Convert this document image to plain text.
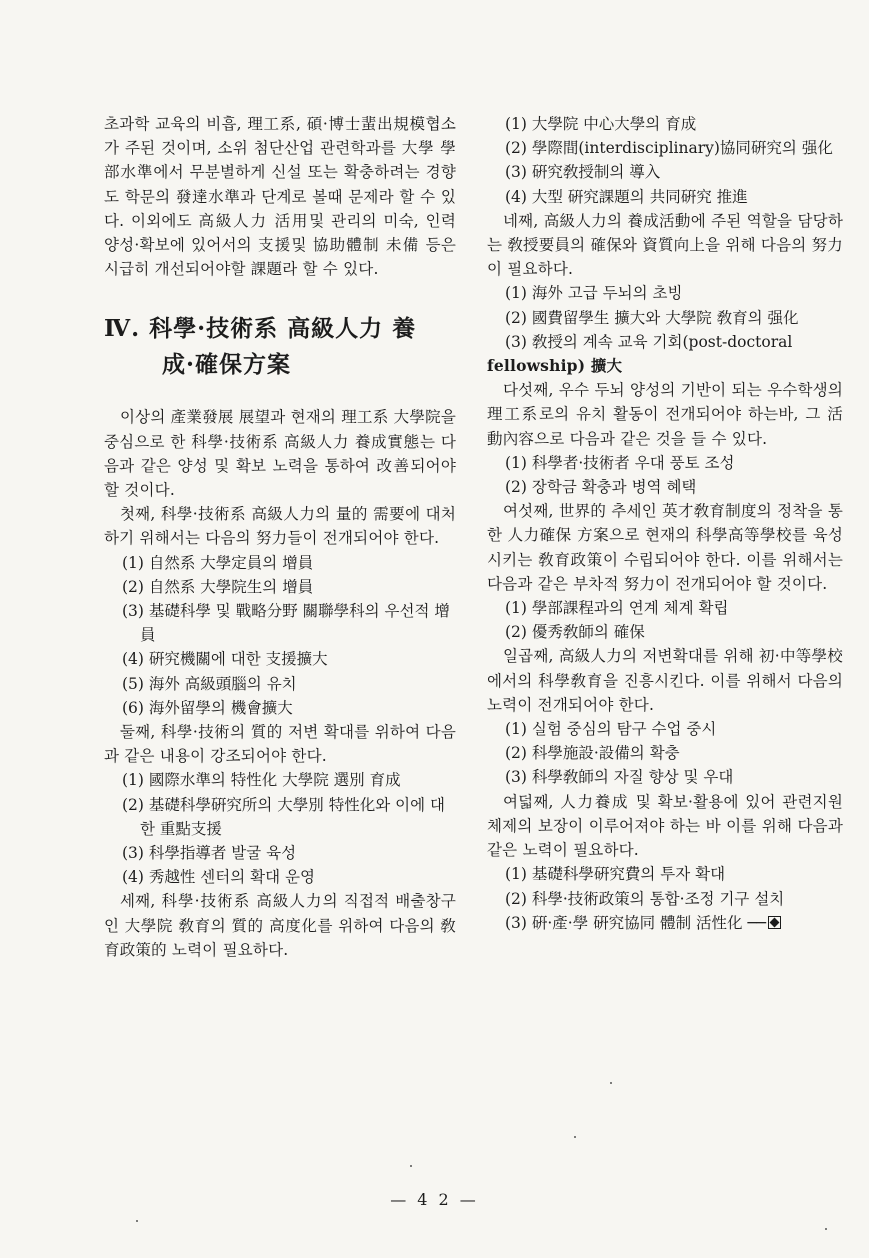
초과학 교육의 비흡, 理工系, 碩·博士蜚出規模협소가 주된 것이며, 소위 첨단산업 관련학과를 大學 學部水準에서 무분별하게 신설 또는 확충하려는 경향도 학문의 發達水準과 단계로 볼때 문제라 할 수 있다. 이외에도 高級人力 活用및 관리의 미숙, 인력 양성·확보에 있어서의 支援및 協助體制 未備 등은 시급히 개선되어야할 課題라 할 수 있다.

Ⅳ. 科學·技術系 高級人力 養
成·確保方案

이상의 產業發展 展望과 현재의 理工系 大學院을 중심으로 한 科學·技術系 高級人力 養成實態는 다음과 같은 양성 및 확보 노력을 통하여 改善되어야 할 것이다.

첫째, 科學·技術系 高級人力의 量的 需要에 대처하기 위해서는 다음의 努力들이 전개되어야 한다.

(1) 自然系 大學定員의 增員

(2) 自然系 大學院生의 增員

(3) 基礎科學 및 戰略分野 關聯學科의 우선적 增員

(4) 硏究機關에 대한 支援擴大

(5) 海外 高級頭腦의 유치

(6) 海外留學의 機會擴大

둘째, 科學·技術의 質的 저변 확대를 위하여 다음과 같은 내용이 강조되어야 한다.

(1) 國際水準의 特性化 大學院 選別 育成

(2) 基礎科學硏究所의 大學別 特性化와 이에 대한 重點支援

(3) 科學指導者 발굴 육성

(4) 秀越性 센터의 확대 운영

세째, 科學·技術系 高級人力의 직접적 배출창구인 大學院 敎育의 質的 高度化를 위하여 다음의 敎育政策的 노력이 필요하다.

(1) 大學院 中心大學의 育成

(2) 學際間(interdisciplinary)協同硏究의 强化

(3) 硏究敎授制의 導入

(4) 大型 硏究課題의 共同硏究 推進

네째, 高級人力의 養成活動에 주된 역할을 담당하는 敎授要員의 確保와 資質向上을 위해 다음의 努力이 필요하다.

(1) 海外 고급 두뇌의 초빙

(2) 國費留學生 擴大와 大學院 敎育의 强化

(3) 敎授의 계속 교육 기회(post-doctoral

fellowship) 擴大

다섯째, 우수 두뇌 양성의 기반이 되는 우수학생의 理工系로의 유치 활동이 전개되어야 하는바, 그 活動內容으로 다음과 같은 것을 들 수 있다.

(1) 科學者·技術者 우대 풍토 조성

(2) 장학금 확충과 병역 혜택

여섯째, 世界的 추세인 英才敎育制度의 정착을 통한 人力確保 方案으로 현재의 科學高等學校를 육성시키는 敎育政策이 수립되어야 한다. 이를 위해서는 다음과 같은 부차적 努力이 전개되어야 할 것이다.

(1) 學部課程과의 연계 체계 확립

(2) 優秀敎師의 確保

일곱째, 高級人力의 저변확대를 위해 初·中等學校에서의 科學敎育을 진흥시킨다. 이를 위해서 다음의 노력이 전개되어야 한다.

(1) 실험 중심의 탐구 수업 중시

(2) 科學施設·設備의 확충

(3) 科學敎師의 자질 향상 및 우대

여덟째, 人力養成 및 확보·활용에 있어 관련지원 체제의 보장이 이루어져야 하는 바 이를 위해 다음과 같은 노력이 필요하다.

(1) 基礎科學硏究費의 투자 확대

(2) 科學·技術政策의 통합·조정 기구 설치

(3) 硏·產·學 硏究協同 體制 活性化 ──

— 4 2 —
